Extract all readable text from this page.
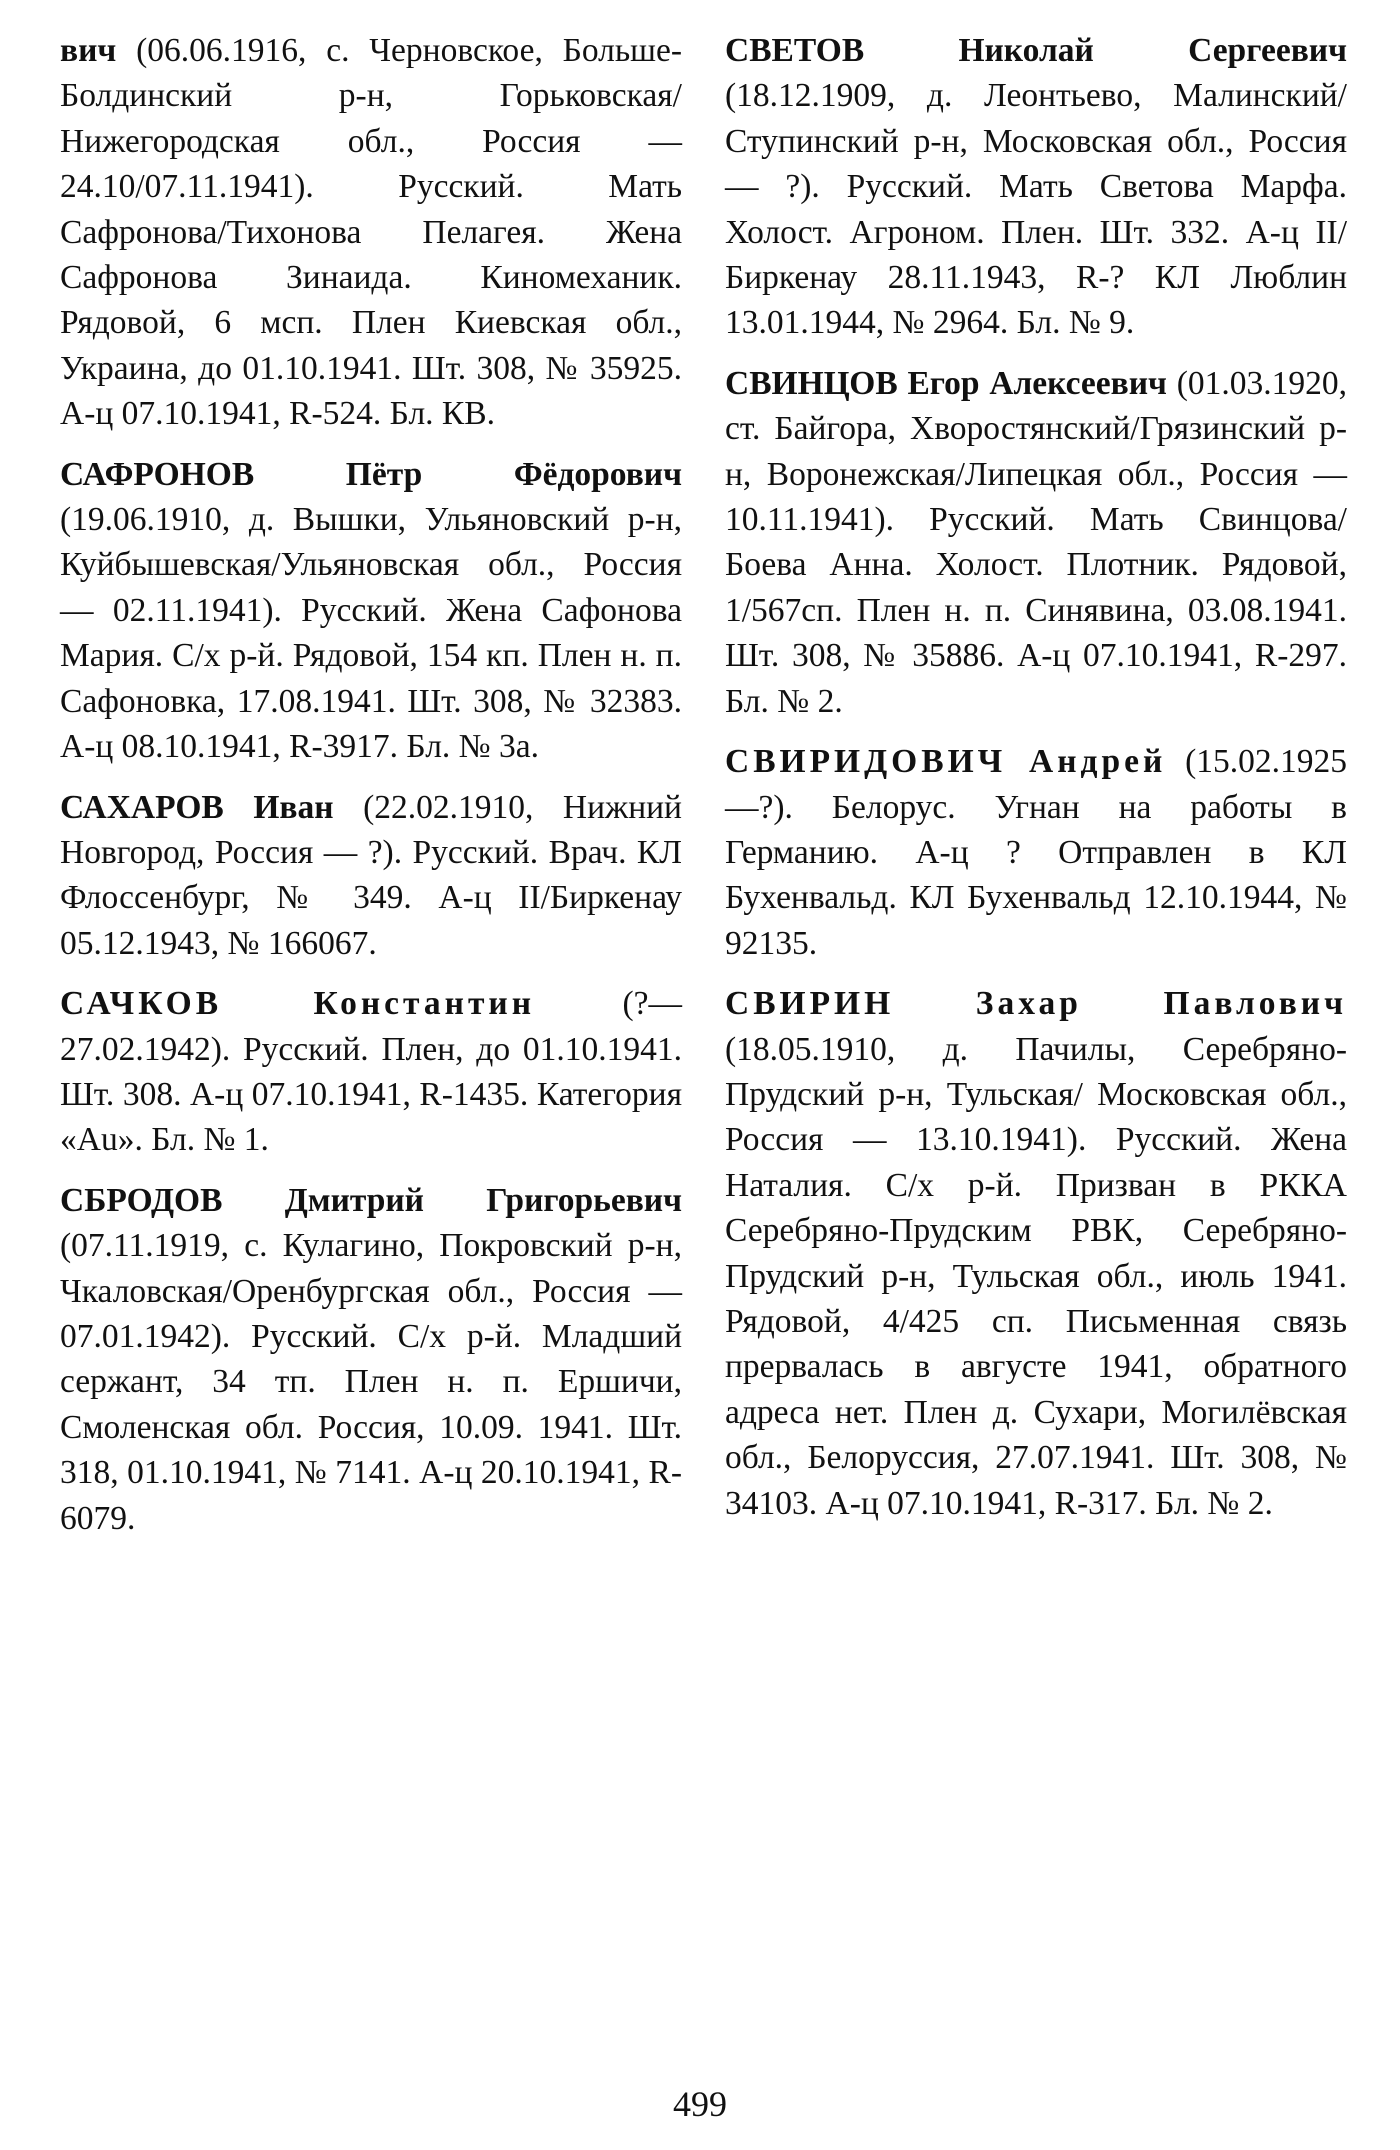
вич (06.06.1916, с. Черновское, Больше-Болдинский р-н, Горьковская/Нижегородская обл., Россия — 24.10/07.11.1941). Русский. Мать Сафронова/Тихонова Пелагея. Жена Сафронова Зинаида. Киномеханик. Рядовой, 6 мсп. Плен Киевская обл., Украина, до 01.10.1941. Шт. 308, № 35925. А-ц 07.10.1941, R-524. Бл. КВ.

САФРОНОВ Пётр Фёдорович (19.06.1910, д. Вышки, Ульяновский р-н, Куйбышевская/Ульяновская обл., Россия — 02.11.1941). Русский. Жена Сафонова Мария. С/х р-й. Рядовой, 154 кп. Плен н. п. Сафоновка, 17.08.1941. Шт. 308, № 32383. А-ц 08.10.1941, R-3917. Бл. № 3а.

САХАРОВ Иван (22.02.1910, Нижний Новгород, Россия — ?). Русский. Врач. КЛ Флоссенбург, № 349. А-ц II/Биркенау 05.12.1943, № 166067.

САЧКОВ Константин (?—27.02.1942). Русский. Плен, до 01.10.1941. Шт. 308. А-ц 07.10.1941, R-1435. Категория «Au». Бл. № 1.

СБРОДОВ Дмитрий Григорьевич (07.11.1919, с. Кулагино, Покровский р-н, Чкаловская/Оренбургская обл., Россия — 07.01.1942). Русский. С/х р-й. Младший сержант, 34 тп. Плен н. п. Ершичи, Смоленская обл. Россия, 10.09. 1941. Шт. 318, 01.10.1941, № 7141. А-ц 20.10.1941, R-6079.

СВЕТОВ Николай Сергеевич (18.12.1909, д. Леонтьево, Малинский/Ступинский р-н, Московская обл., Россия — ?). Русский. Мать Светова Марфа. Холост. Агроном. Плен. Шт. 332. А-ц II/Биркенау 28.11.1943, R-? КЛ Люблин 13.01.1944, № 2964. Бл. № 9.

СВИНЦОВ Егор Алексеевич (01.03.1920, ст. Байгора, Хворостянский/Грязинский р-н, Воронежская/Липецкая обл., Россия — 10.11.1941). Русский. Мать Свинцова/Боева Анна. Холост. Плотник. Рядовой, 1/567сп. Плен н. п. Синявина, 03.08.1941. Шт. 308, № 35886. А-ц 07.10.1941, R-297. Бл. № 2.

СВИРИДОВИЧ Андрей (15.02.1925—?). Белорус. Угнан на работы в Германию. А-ц ? Отправлен в КЛ Бухенвальд. КЛ Бухенвальд 12.10.1944, № 92135.

СВИРИН Захар Павлович (18.05.1910, д. Пачилы, Серебряно-Прудский р-н, Тульская/ Московская обл., Россия — 13.10.1941). Русский. Жена Наталия. С/х р-й. Призван в РККА Серебряно-Прудским РВК, Серебряно-Прудский р-н, Тульская обл., июль 1941. Рядовой, 4/425 сп. Письменная связь прервалась в августе 1941, обратного адреса нет. Плен д. Сухари, Могилёвская обл., Белоруссия, 27.07.1941. Шт. 308, № 34103. А-ц 07.10.1941, R-317. Бл. № 2.

499
